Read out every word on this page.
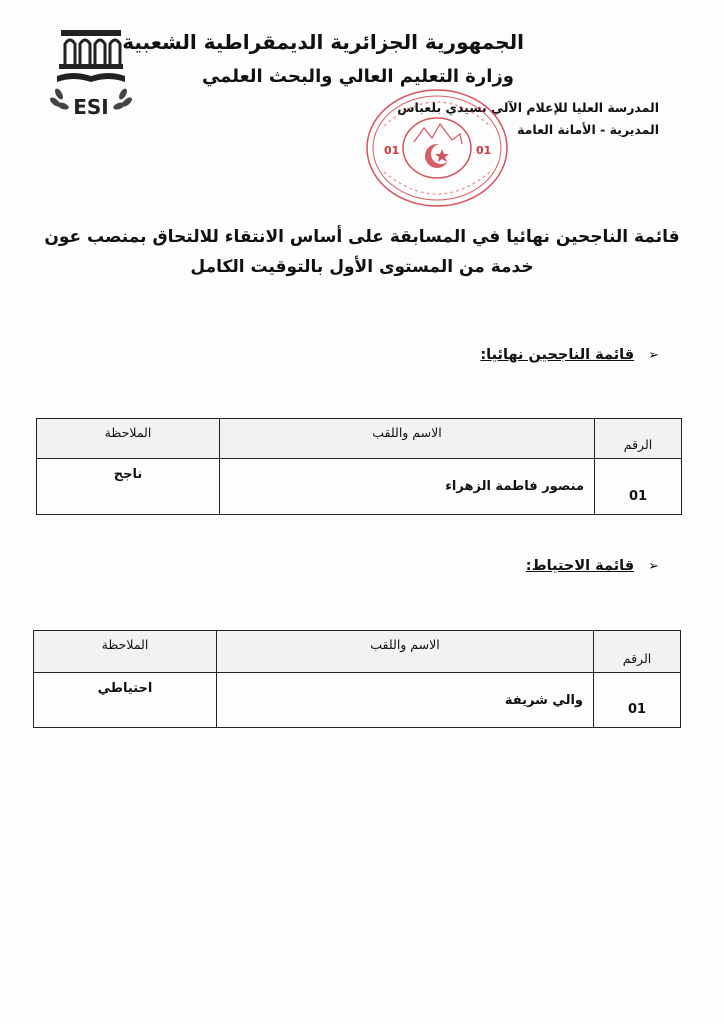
ESI
الجمهورية الجزائرية الديمقراطية الشعبية
وزارة التعليم العالي والبحث العلمي
المدرسة العليا للإعلام الآلي بسيدي بلعباس
المديرية - الأمانة العامة
01	01
قائمة الناجحين نهائيا في المسابقة على أساس الانتقاء للالتحاق بمنصب عون خدمة من المستوى الأول بالتوقيت الكامل
➢قائمة الناجحين نهائيا:
الرقم	الاسم واللقب	الملاحظة
01	منصور فاطمة الزهراء	ناجح
➢قائمة الاحتياط:
الرقم	الاسم واللقب	الملاحظة
01	والي شريفة	احتياطي
